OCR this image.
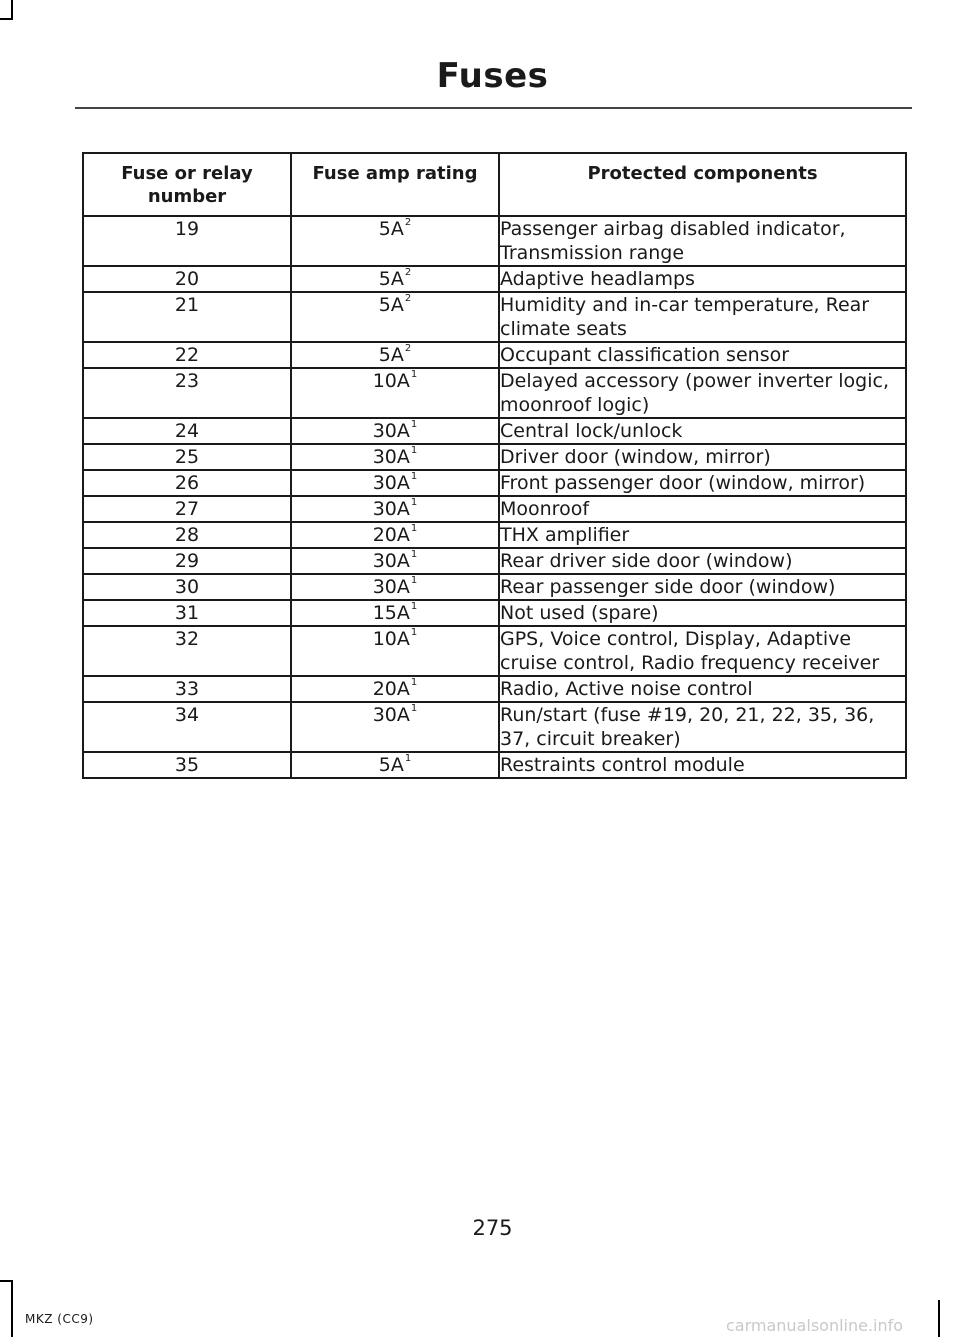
Fuses
Fuse or relay number	Fuse amp rating	Protected components
19	$5A^2$	Passenger airbag disabled indicator, Transmission range
20	$5A^2$	Adaptive headlamps
21	$5A^2$	Humidity and in-car temperature, Rear climate seats
22	$5A^2$	Occupant classification sensor
23	$10A^1$	Delayed accessory (power inverter logic, moonroof logic)
24	$30A^1$	Central lock/unlock
25	$30A^1$	Driver door (window, mirror)
26	$30A^1$	Front passenger door (window, mirror)
27	$30A^1$	Moonroof
28	$20A^1$	THX amplifier
29	$30A^1$	Rear driver side door (window)
30	$30A^1$	Rear passenger side door (window)
31	$15A^1$	Not used (spare)
32	$10A^1$	GPS, Voice control, Display, Adaptive cruise control, Radio frequency receiver
33	$20A^1$	Radio, Active noise control
34	$30A^1$	Run/start (fuse #19, 20, 21, 22, 35, 36, 37, circuit breaker)
35	$5A^1$	Restraints control module
275
MKZ (CC9)	carmanualsonline.info
